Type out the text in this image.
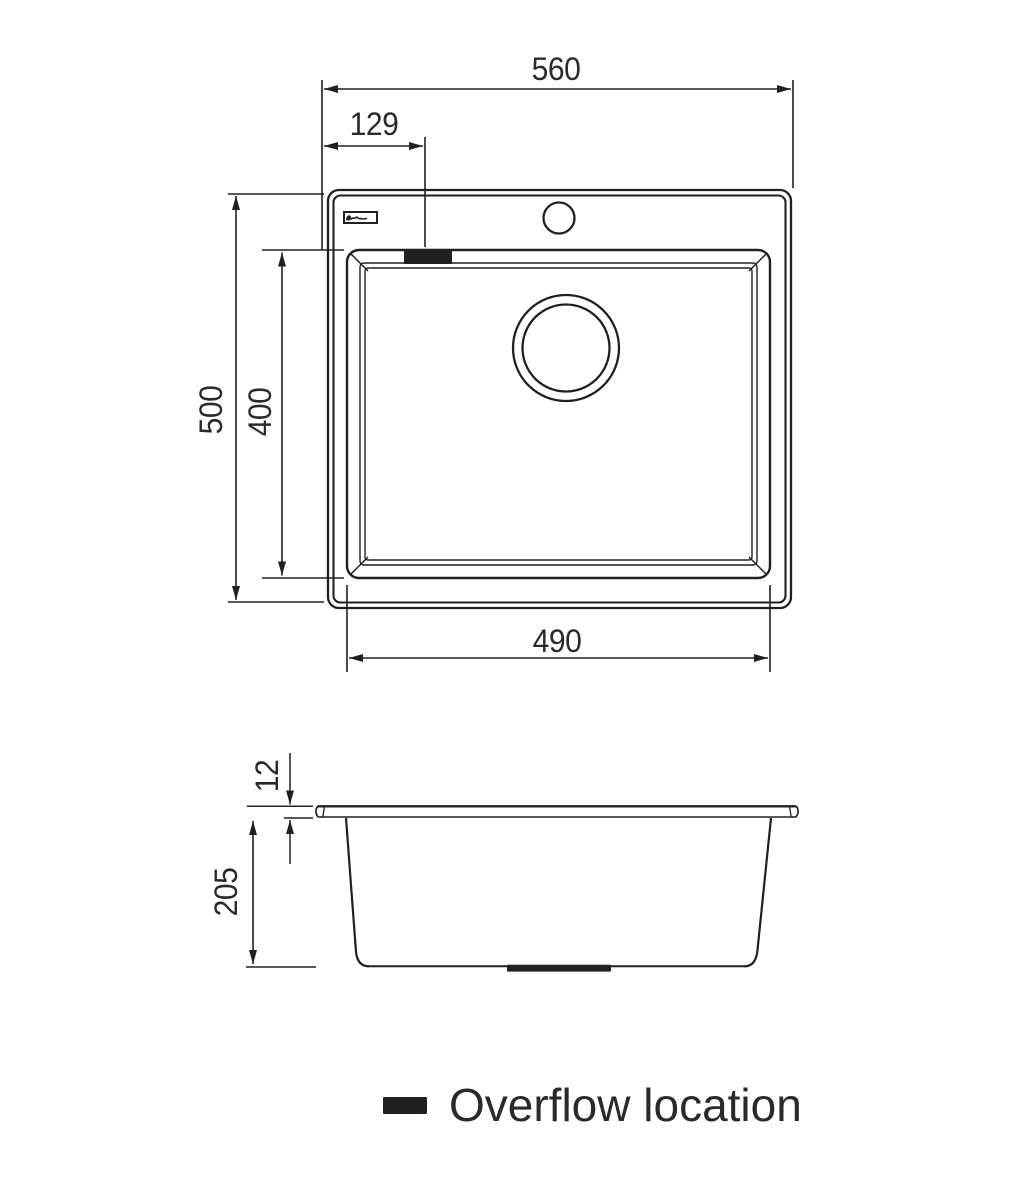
560
129
500 400
490
12
205
Overflow location
